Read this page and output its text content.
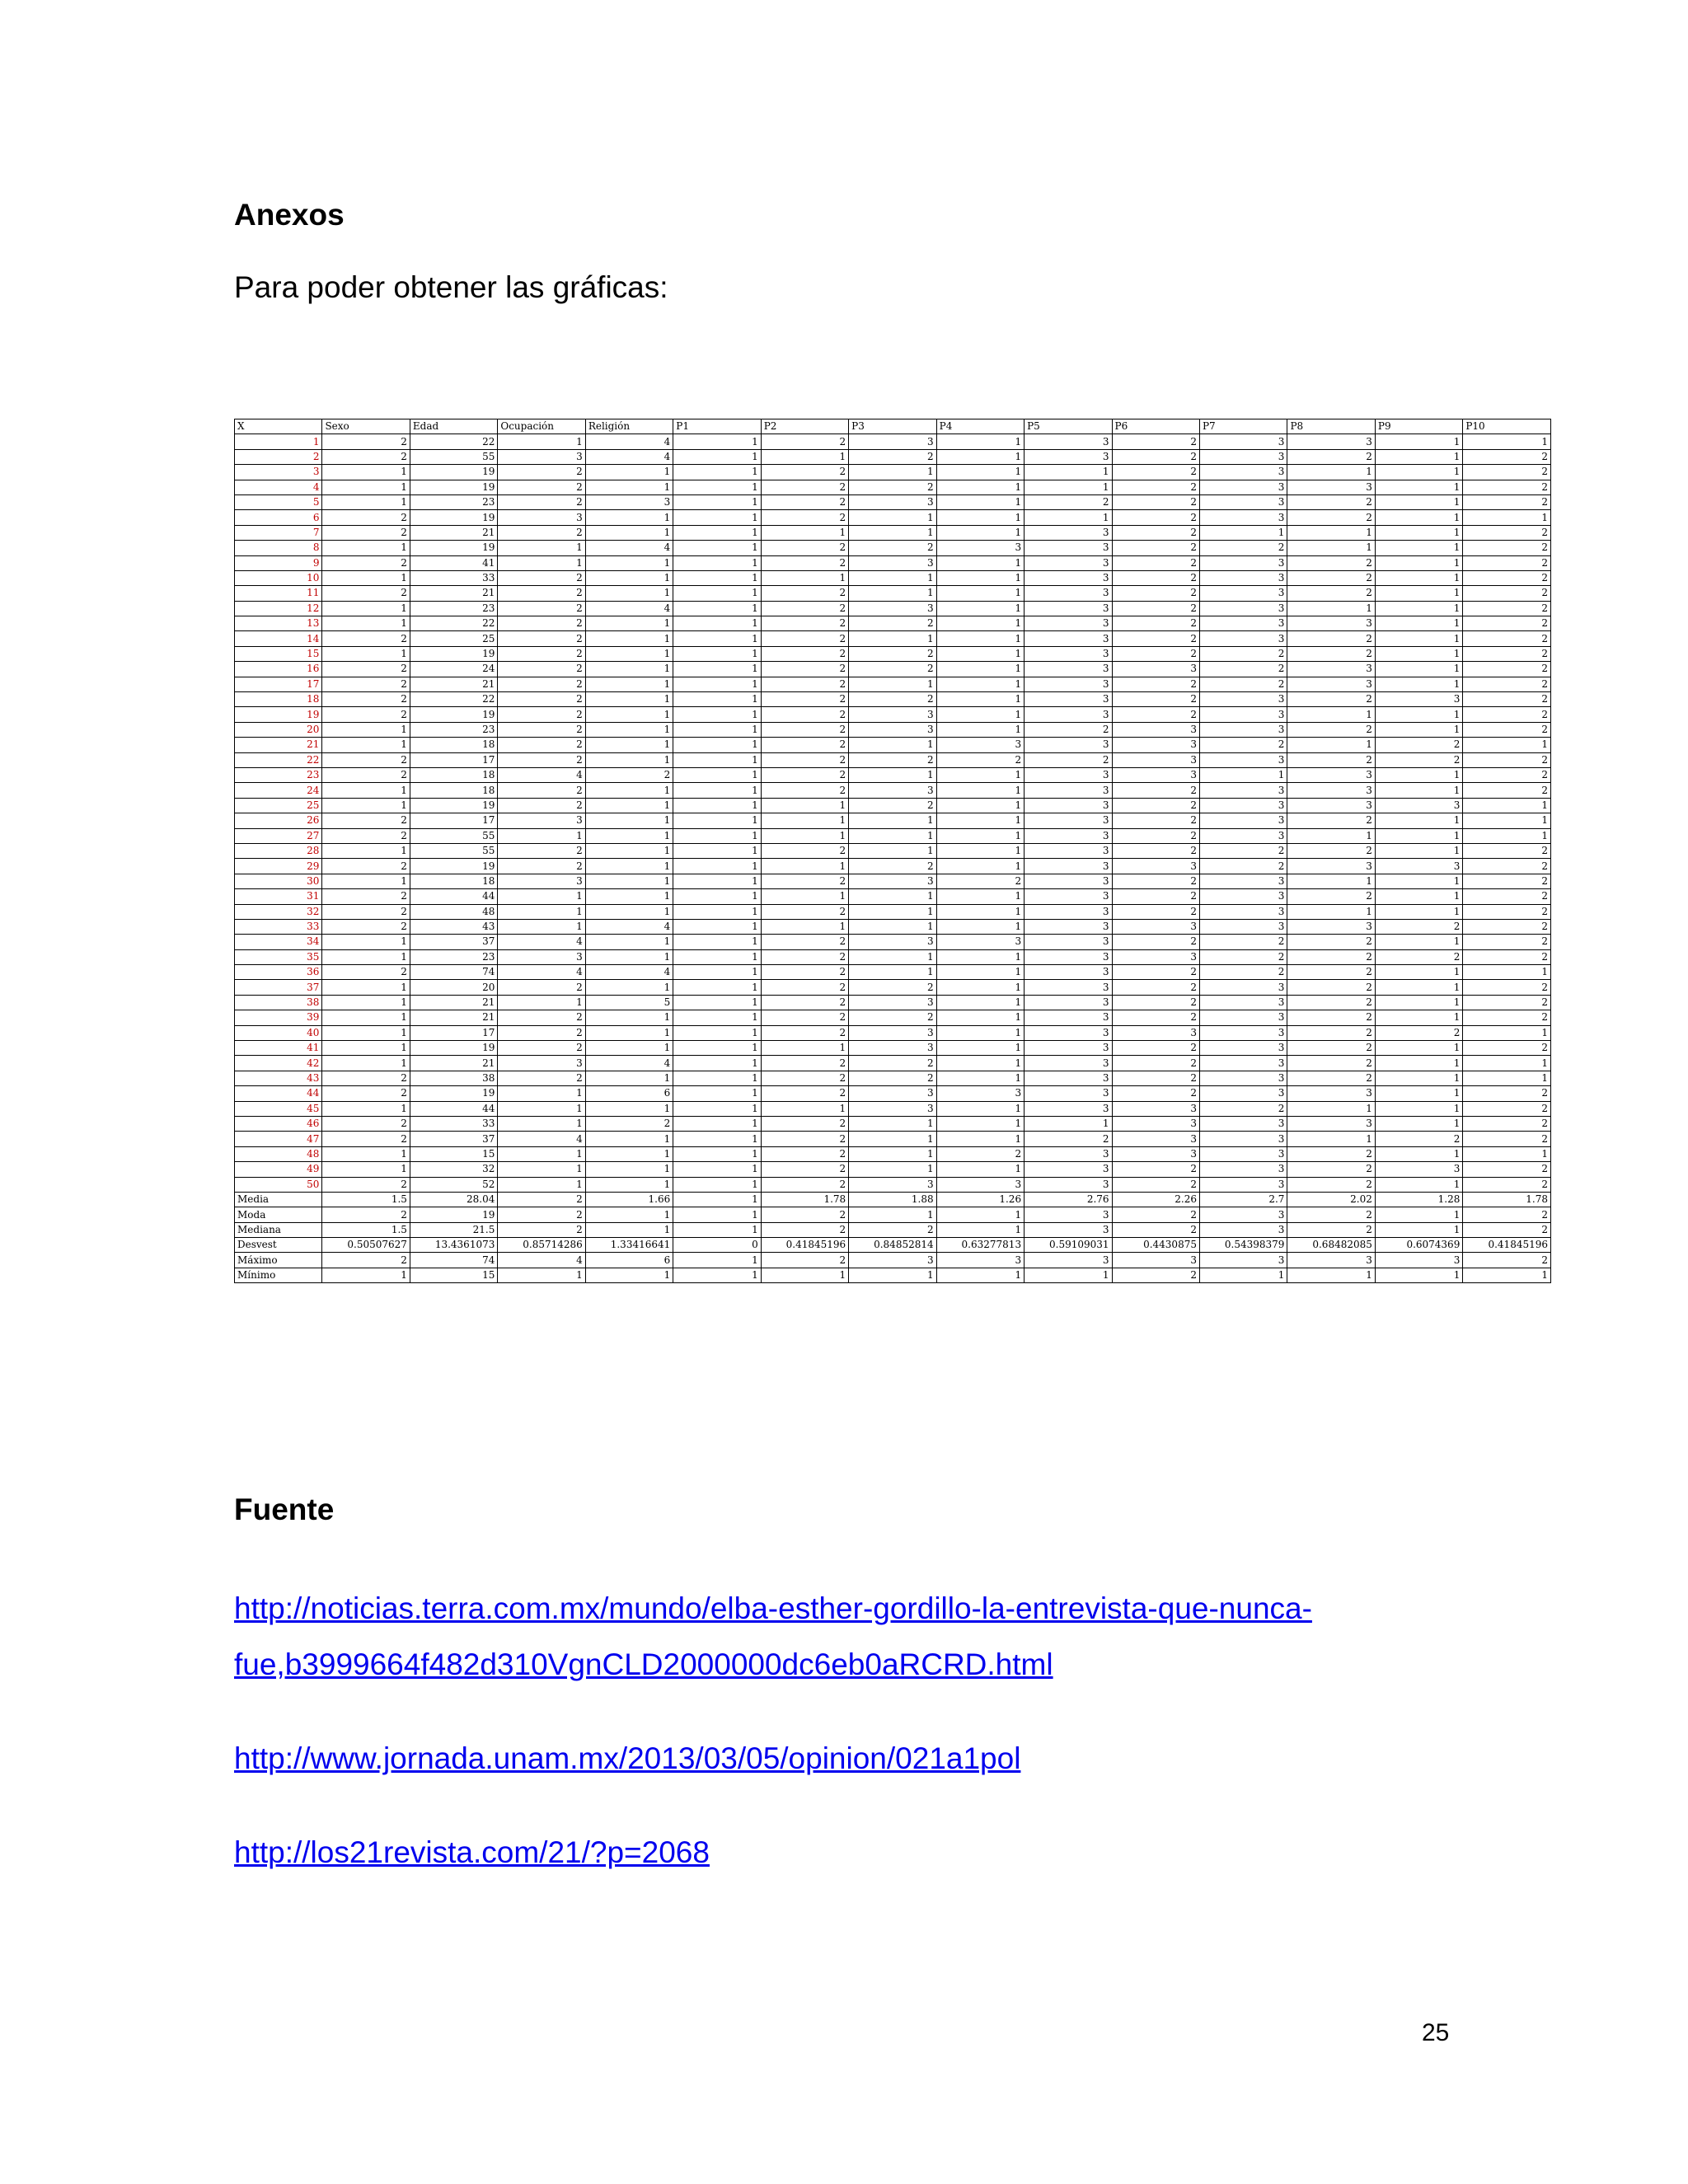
Anexos

Para poder obtener las gráficas:

X	Sexo	Edad	Ocupación	Religión	P1	P2	P3	P4	P5	P6	P7	P8	P9	P10
1	2	22	1	4	1	2	3	1	3	2	3	3	1	1
2	2	55	3	4	1	1	2	1	3	2	3	2	1	2
3	1	19	2	1	1	2	1	1	1	2	3	1	1	2
4	1	19	2	1	1	2	2	1	1	2	3	3	1	2
5	1	23	2	3	1	2	3	1	2	2	3	2	1	2
6	2	19	3	1	1	2	1	1	1	2	3	2	1	1
7	2	21	2	1	1	1	1	1	3	2	1	1	1	2
8	1	19	1	4	1	2	2	3	3	2	2	1	1	2
9	2	41	1	1	1	2	3	1	3	2	3	2	1	2
10	1	33	2	1	1	1	1	1	3	2	3	2	1	2
11	2	21	2	1	1	2	1	1	3	2	3	2	1	2
12	1	23	2	4	1	2	3	1	3	2	3	1	1	2
13	1	22	2	1	1	2	2	1	3	2	3	3	1	2
14	2	25	2	1	1	2	1	1	3	2	3	2	1	2
15	1	19	2	1	1	2	2	1	3	2	2	2	1	2
16	2	24	2	1	1	2	2	1	3	3	2	3	1	2
17	2	21	2	1	1	2	1	1	3	2	2	3	1	2
18	2	22	2	1	1	2	2	1	3	2	3	2	3	2
19	2	19	2	1	1	2	3	1	3	2	3	1	1	2
20	1	23	2	1	1	2	3	1	2	3	3	2	1	2
21	1	18	2	1	1	2	1	3	3	3	2	1	2	1
22	2	17	2	1	1	2	2	2	2	3	3	2	2	2
23	2	18	4	2	1	2	1	1	3	3	1	3	1	2
24	1	18	2	1	1	2	3	1	3	2	3	3	1	2
25	1	19	2	1	1	1	2	1	3	2	3	3	3	1
26	2	17	3	1	1	1	1	1	3	2	3	2	1	1
27	2	55	1	1	1	1	1	1	3	2	3	1	1	1
28	1	55	2	1	1	2	1	1	3	2	2	2	1	2
29	2	19	2	1	1	1	2	1	3	3	2	3	3	2
30	1	18	3	1	1	2	3	2	3	2	3	1	1	2
31	2	44	1	1	1	1	1	1	3	2	3	2	1	2
32	2	48	1	1	1	2	1	1	3	2	3	1	1	2
33	2	43	1	4	1	1	1	1	3	3	3	3	2	2
34	1	37	4	1	1	2	3	3	3	2	2	2	1	2
35	1	23	3	1	1	2	1	1	3	3	2	2	2	2
36	2	74	4	4	1	2	1	1	3	2	2	2	1	1
37	1	20	2	1	1	2	2	1	3	2	3	2	1	2
38	1	21	1	5	1	2	3	1	3	2	3	2	1	2
39	1	21	2	1	1	2	2	1	3	2	3	2	1	2
40	1	17	2	1	1	2	3	1	3	3	3	2	2	1
41	1	19	2	1	1	1	3	1	3	2	3	2	1	2
42	1	21	3	4	1	2	2	1	3	2	3	2	1	1
43	2	38	2	1	1	2	2	1	3	2	3	2	1	1
44	2	19	1	6	1	2	3	3	3	2	3	3	1	2
45	1	44	1	1	1	1	3	1	3	3	2	1	1	2
46	2	33	1	2	1	2	1	1	1	3	3	3	1	2
47	2	37	4	1	1	2	1	1	2	3	3	1	2	2
48	1	15	1	1	1	2	1	2	3	3	3	2	1	1
49	1	32	1	1	1	2	1	1	3	2	3	2	3	2
50	2	52	1	1	1	2	3	3	3	2	3	2	1	2
Media	1.5	28.04	2	1.66	1	1.78	1.88	1.26	2.76	2.26	2.7	2.02	1.28	1.78
Moda	2	19	2	1	1	2	1	1	3	2	3	2	1	2
Mediana	1.5	21.5	2	1	1	2	2	1	3	2	3	2	1	2
Desvest	0.50507627	13.4361073	0.85714286	1.33416641	0	0.41845196	0.84852814	0.63277813	0.59109031	0.4430875	0.54398379	0.68482085	0.6074369	0.41845196
Máximo	2	74	4	6	1	2	3	3	3	3	3	3	3	2
Mínimo	1	15	1	1	1	1	1	1	1	2	1	1	1	1
Fuente
http://noticias.terra.com.mx/mundo/elba-esther-gordillo-la-entrevista-que-nunca-
fue,b3999664f482d310VgnCLD2000000dc6eb0aRCRD.html
http://www.jornada.unam.mx/2013/03/05/opinion/021a1pol
http://los21revista.com/21/?p=2068
25
